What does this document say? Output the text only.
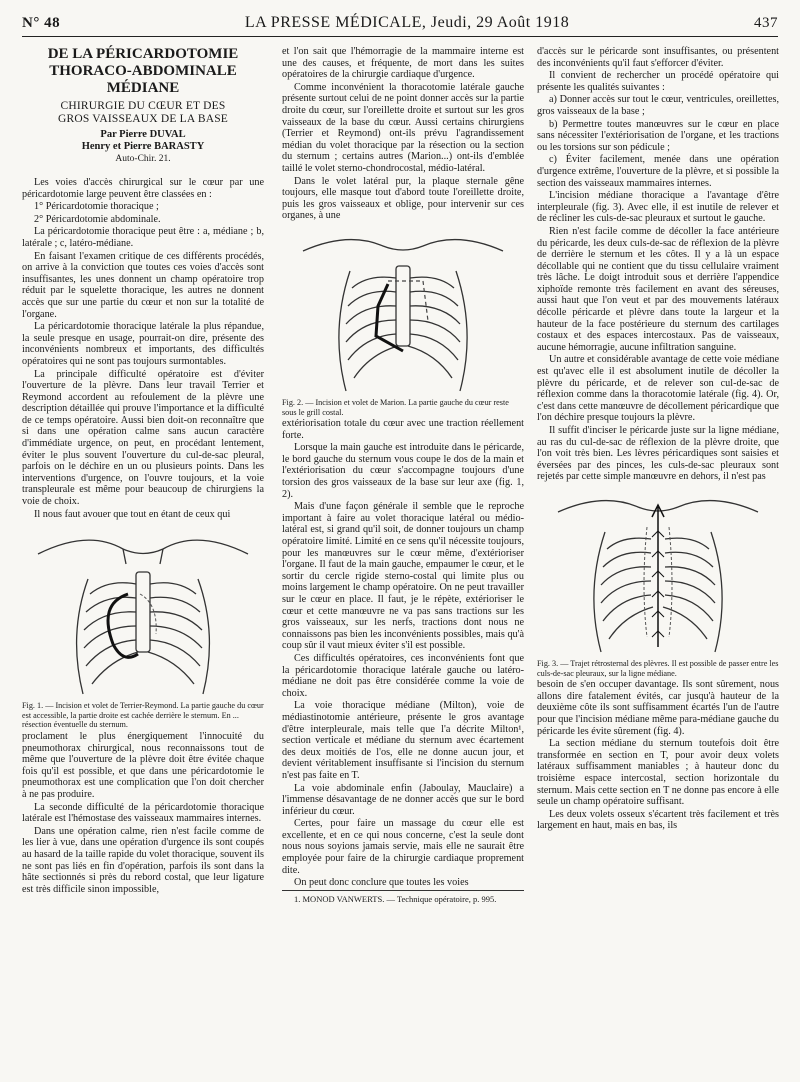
N° 48	LA PRESSE MÉDICALE, Jeudi, 29 Août 1918	437
DE LA PÉRICARDOTOMIE
THORACO-ABDOMINALE
MÉDIANE
CHIRURGIE DU CŒUR ET DES
GROS VAISSEAUX DE LA BASE
Par Pierre DUVAL
Henry et Pierre BARASTY
Auto-Chir. 21.

Les voies d'accès chirurgical sur le cœur par une péricardotomie large peuvent être classées en :

1° Péricardotomie thoracique ;

2° Péricardotomie abdominale.

La péricardotomie thoracique peut être : a, médiane ; b, latérale ; c, latéro-médiane.

En faisant l'examen critique de ces différents procédés, on arrive à la conviction que toutes ces voies d'accès sont insuffisantes, les unes donnent un champ opératoire trop réduit par le squelette thoracique, les autres ne donnent accès que sur une partie du cœur et non sur la totalité de l'organe.

La péricardotomie thoracique latérale la plus répandue, la seule presque en usage, pourrait-on dire, présente des inconvénients nombreux et importants, des difficultés opératoires qui ne sont pas toujours surmontables.

La principale difficulté opératoire est d'éviter l'ouverture de la plèvre. Dans leur travail Terrier et Reymond accordent au refoulement de la plèvre une description détaillée qui prouve l'importance et la difficulté de ce temps opératoire. Aussi bien doit-on reconnaître que si dans une opération calme sans aucun caractère d'immédiate urgence, on peut, en procédant lentement, éviter le plus souvent l'ouverture du cul-de-sac pleural, parfois on le déchire en un ou plusieurs points. Dans les interventions d'urgence, on l'ouvre toujours, et la voie transpleurale est même pour beaucoup de chirurgiens la voie de choix.

Il nous faut avouer que tout en étant de ceux qui

Fig. 1. — Incision et volet de Terrier-Reymond. La partie gauche du cœur est accessible, la partie droite est cachée derrière le sternum. En ... résection éventuelle du sternum.

proclament le plus énergiquement l'innocuité du pneumothorax chirurgical, nous reconnaissons tout de même que l'ouverture de la plèvre doit être évitée chaque fois qu'il est possible, et que dans une péricardotomie le pneumothorax est une complication que l'on doit chercher à ne pas produire.

La seconde difficulté de la péricardotomie thoracique latérale est l'hémostase des vaisseaux mammaires internes.

Dans une opération calme, rien n'est facile comme de les lier à vue, dans une opération d'urgence ils sont coupés au hasard de la taille rapide du volet thoracique, souvent ils ne sont pas liés en fin d'opération, parfois ils sont dans la hâte sectionnés si près du rebord costal, que leur ligature est très difficile sinon impossible,

et l'on sait que l'hémorragie de la mammaire interne est une des causes, et fréquente, de mort dans les suites opératoires de la chirurgie cardiaque d'urgence.

Comme inconvénient la thoracotomie latérale gauche présente surtout celui de ne point donner accès sur la partie droite du cœur, sur l'oreillette droite et surtout sur les gros vaisseaux de la base du cœur. Aussi certains chirurgiens (Terrier et Reymond) ont-ils prévu l'agrandissement médian du volet thoracique par la résection ou la section du sternum ; certains autres (Marion...) ont-ils d'emblée taillé le volet sterno-chondrocostal, médio-latéral.

Dans le volet latéral pur, la plaque sternale gêne toujours, elle masque tout d'abord toute l'oreillette droite, puis les gros vaisseaux et oblige, pour intervenir sur ces organes, à une

Fig. 2. — Incision et volet de Marion. La partie gauche du cœur reste sous le grill costal.

extériorisation totale du cœur avec une traction réellement forte.

Lorsque la main gauche est introduite dans le péricarde, le bord gauche du sternum vous coupe le dos de la main et l'extériorisation du cœur s'accompagne toujours d'une torsion des gros vaisseaux de la base sur leur axe (fig. 1, 2).

Mais d'une façon générale il semble que le reproche important à faire au volet thoracique latéral ou médio-latéral est, si grand qu'il soit, de donner toujours un champ opératoire limité. Limité en ce sens qu'il nécessite toujours, pour les manœuvres sur le cœur même, d'extérioriser l'organe. Il faut de la main gauche, empaumer le cœur, et le sortir du cercle rigide sterno-costal qui limite plus ou moins largement le champ opératoire. On ne peut travailler sur le cœur en place. Il faut, je le répète, extérioriser le cœur et cette manœuvre ne va pas sans tractions sur les gros vaisseaux, sur les nerfs, tractions dont nous ne connaissons pas bien les inconvénients possibles, mais qu'à coup sûr il vaut mieux éviter s'il est possible.

Ces difficultés opératoires, ces inconvénients font que la péricardotomie thoracique latérale gauche ou latéro-médiane ne doit pas être considérée comme la voie de choix.

La voie thoracique médiane (Milton), voie de médiastinotomie antérieure, présente le gros avantage d'être interpleurale, mais telle que l'a décrite Milton¹, section verticale et médiane du sternum avec écartement des deux moitiés de l'os, elle ne donne aucun jour, et devient véritablement insuffisante si l'incision du sternum n'est pas faite en T.

La voie abdominale enfin (Jaboulay, Mauclaire) a l'immense désavantage de ne donner accès que sur le bord inférieur du cœur.

Certes, pour faire un massage du cœur elle est excellente, et en ce qui nous concerne, c'est la seule dont nous nous soyions jamais servie, mais elle ne saurait être employée pour faire de la chirurgie cardiaque proprement dite.

On peut donc conclure que toutes les voies

1. MONOD VANWERTS. — Technique opératoire, p. 995.

d'accès sur le péricarde sont insuffisantes, ou présentent des inconvénients qu'il faut s'efforcer d'éviter.

Il convient de rechercher un procédé opératoire qui présente les qualités suivantes :

a) Donner accès sur tout le cœur, ventricules, oreillettes, gros vaisseaux de la base ;

b) Permettre toutes manœuvres sur le cœur en place sans nécessiter l'extériorisation de l'organe, et les tractions ou les torsions sur son pédicule ;

c) Éviter facilement, menée dans une opération d'urgence extrême, l'ouverture de la plèvre, et si possible la section des vaisseaux mammaires internes.

L'incision médiane thoracique a l'avantage d'être interpleurale (fig. 3). Avec elle, il est inutile de relever et de récliner les culs-de-sac pleuraux et surtout le gauche.

Rien n'est facile comme de décoller la face antérieure du péricarde, les deux culs-de-sac de réflexion de la plèvre de derrière le sternum et les côtes. Il y a là un espace décollable qui ne contient que du tissu cellulaire vraiment très lâche. Le doigt introduit sous et derrière l'appendice xiphoïde remonte très facilement en avant des séreuses, aussi haut que l'on veut et par des mouvements latéraux décolle péricarde et plèvre dans toute la largeur et la hauteur de la face postérieure du sternum des cartilages costaux et des espaces intercostaux. Pas de vaisseaux, aucune hémorragie, aucune infiltration sanguine.

Un autre et considérable avantage de cette voie médiane est qu'avec elle il est absolument inutile de décoller la plèvre du péricarde, et de relever son cul-de-sac de réflexion comme dans la thoracotomie latérale (fig. 4). Or, c'est dans cette manœuvre de décollement péricardique que l'on déchire presque toujours la plèvre.

Il suffit d'inciser le péricarde juste sur la ligne médiane, au ras du cul-de-sac de réflexion de la plèvre droite, que l'on voit très bien. Les lèvres péricardiques sont saisies et éversées par des pinces, les culs-de-sac pleuraux sont rejetés par cette simple manœuvre en dehors, il n'est pas

Fig. 3. — Trajet rétrosternal des plèvres. Il est possible de passer entre les culs-de-sac pleuraux, sur la ligne médiane.

besoin de s'en occuper davantage. Ils sont sûrement, nous allons dire fatalement évités, car jusqu'à hauteur de la deuxième côte ils sont suffisamment écartés l'un de l'autre pour que l'incision médiane même para-médiane gauche du péricarde les évite sûrement (fig. 4).

La section médiane du sternum toutefois doit être transformée en section en T, pour avoir deux volets latéraux suffisamment maniables ; à hauteur donc du troisième espace intercostal, section horizontale du sternum. Mais cette section en T ne donne pas encore à elle seule un champ opératoire suffisant.

Les deux volets osseux s'écartent très facilement et très largement en haut, mais en bas, ils
